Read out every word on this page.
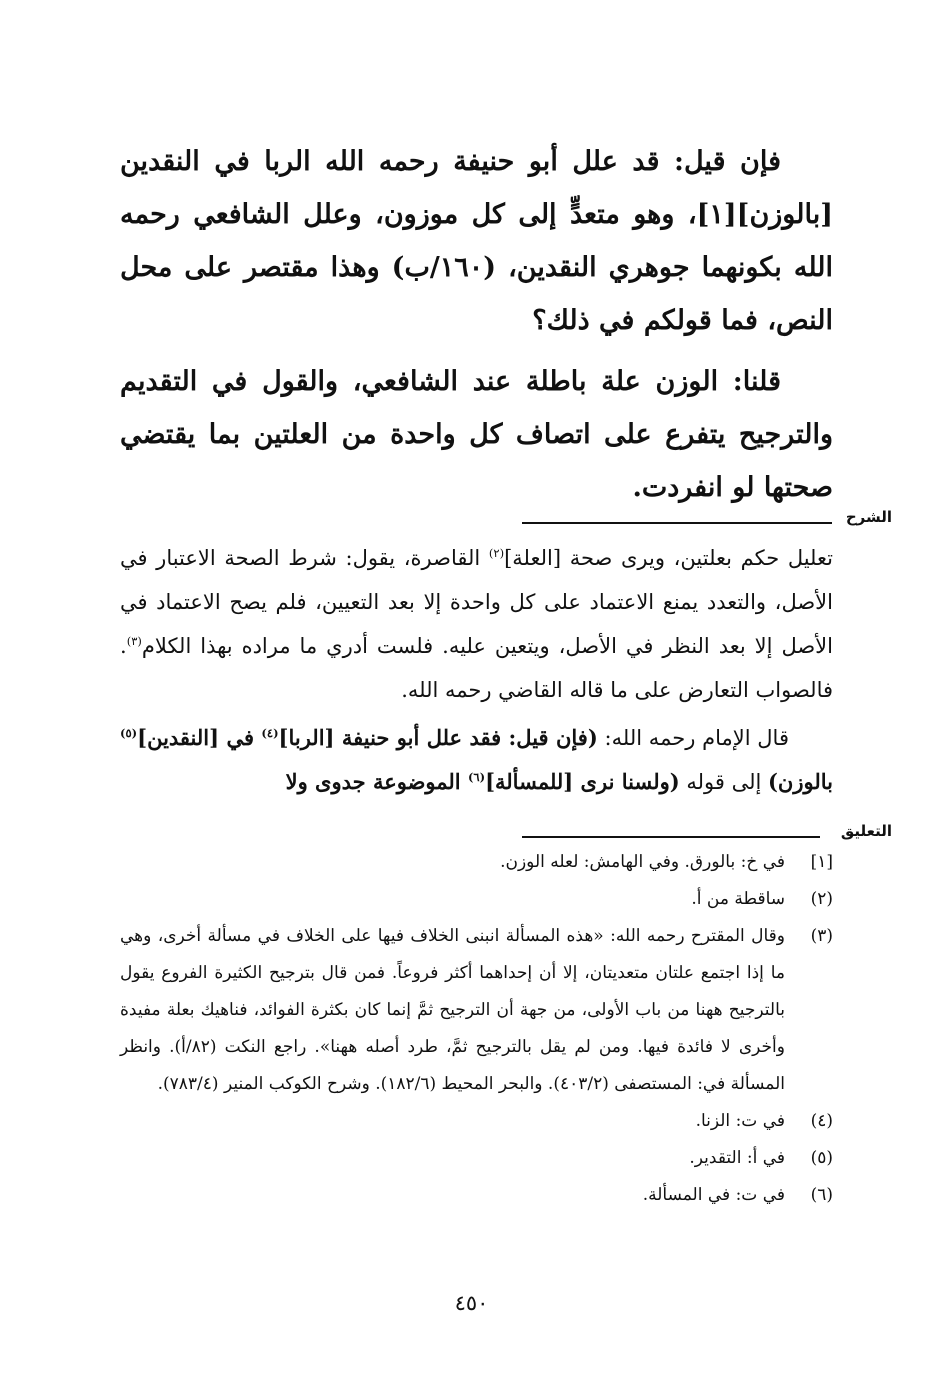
فإن قيل: قد علل أبو حنيفة رحمه الله الربا في النقدين [بالوزن][١]، وهو متعدٍّ إلى كل موزون، وعلل الشافعي رحمه الله بكونهما جوهري النقدين، (١٦٠/ب) وهذا مقتصر على محل النص، فما قولكم في ذلك؟

قلنا: الوزن علة باطلة عند الشافعي، والقول في التقديم والترجيح يتفرع على اتصاف كل واحدة من العلتين بما يقتضي صحتها لو انفردت.

الشرح

تعليل حكم بعلتين، ويرى صحة [العلة]$^{(٢)}$ القاصرة، يقول: شرط الصحة الاعتبار في الأصل، والتعدد يمنع الاعتماد على كل واحدة إلا بعد التعيين، فلم يصح الاعتماد في الأصل إلا بعد النظر في الأصل، ويتعين عليه. فلست أدري ما مراده بهذا الكلام$^{(٣)}$. فالصواب التعارض على ما قاله القاضي رحمه الله.

قال الإمام رحمه الله: (فإن قيل: فقد علل أبو حنيفة [الربا]$^{(٤)}$ في [النقدين]$^{(٥)}$ بالوزن) إلى قوله (ولسنا نرى [للمسألة]$^{(٦)}$ الموضوعة جدوى ولا

التعليق
[١]
في خ: بالورق. وفي الهامش: لعله الوزن.
(٢)
ساقطة من أ.
(٣)
وقال المقترح رحمه الله: «هذه المسألة انبنى الخلاف فيها على الخلاف في مسألة أخرى، وهي ما إذا اجتمع علتان متعديتان، إلا أن إحداهما أكثر فروعاً. فمن قال بترجيح الكثيرة الفروع يقول بالترجيح ههنا من باب الأولى، من جهة أن الترجيح ثمَّ إنما كان بكثرة الفوائد، فناهيك بعلة مفيدة وأخرى لا فائدة فيها. ومن لم يقل بالترجيح ثمَّ، طرد أصله ههنا». راجع النكت (٨٢/أ). وانظر المسألة في: المستصفى (٤٠٣/٢). والبحر المحيط (١٨٢/٦). وشرح الكوكب المنير (٧٨٣/٤).
(٤)
في ت: الزنا.
(٥)
في أ: التقدير.
(٦)
في ت: في المسألة.
٤٥٠
